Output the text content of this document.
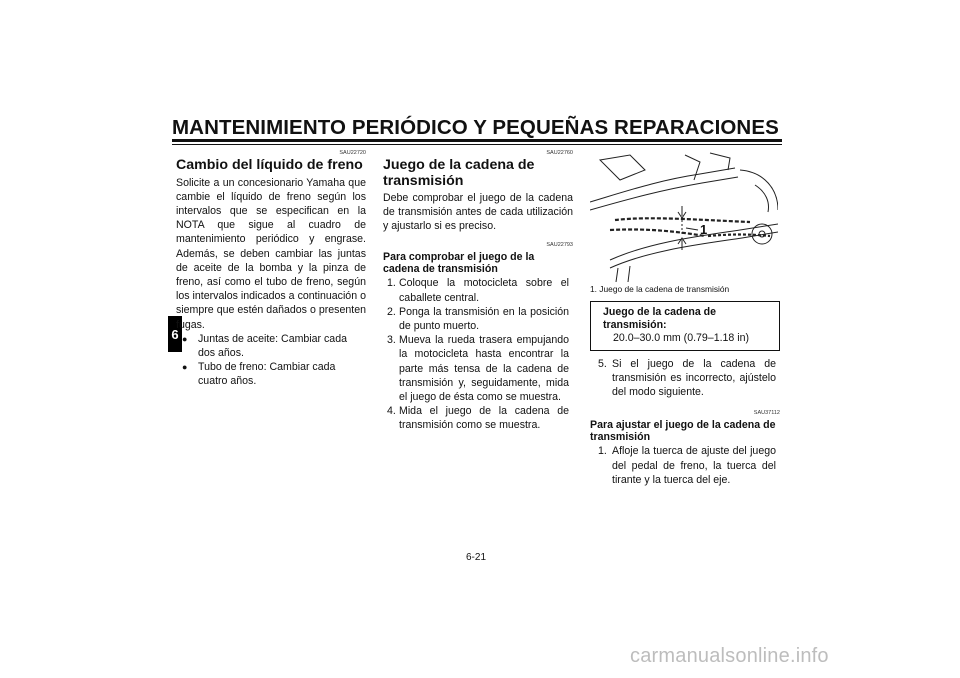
MANTENIMIENTO PERIÓDICO Y PEQUEÑAS REPARACIONES
6

SAU22720

Cambio del líquido de freno

Solicite a un concesionario Yamaha que cambie el líquido de freno según los intervalos que se especifican en la NOTA que sigue al cuadro de mantenimiento periódico y engrase. Además, se deben cambiar las juntas de aceite de la bomba y la pinza de freno, así como el tubo de freno, según los intervalos indicados a continuación o siempre que estén dañados o presenten fugas.

● Juntas de aceite: Cambiar cada dos años.
● Tubo de freno: Cambiar cada cuatro años.

SAU22760

Juego de la cadena de transmisión

Debe comprobar el juego de la cadena de transmisión antes de cada utilización y ajustarlo si es preciso.

SAU22793

Para comprobar el juego de la cadena de transmisión
1. Coloque la motocicleta sobre el caballete central.
2. Ponga la transmisión en la posición de punto muerto.
3. Mueva la rueda trasera empujando la motocicleta hasta encontrar la parte más tensa de la cadena de transmisión y, seguidamente, mida el juego de ésta como se muestra.
4. Mida el juego de la cadena de transmisión como se muestra.
1
1. Juego de la cadena de transmisión
Juego de la cadena de transmisión:
20.0–30.0 mm (0.79–1.18 in)
5. Si el juego de la cadena de transmisión es incorrecto, ajústelo del modo siguiente.

SAU37112

Para ajustar el juego de la cadena de transmisión
1. Afloje la tuerca de ajuste del juego del pedal de freno, la tuerca del tirante y la tuerca del eje.
6-21
carmanualsonline.info
